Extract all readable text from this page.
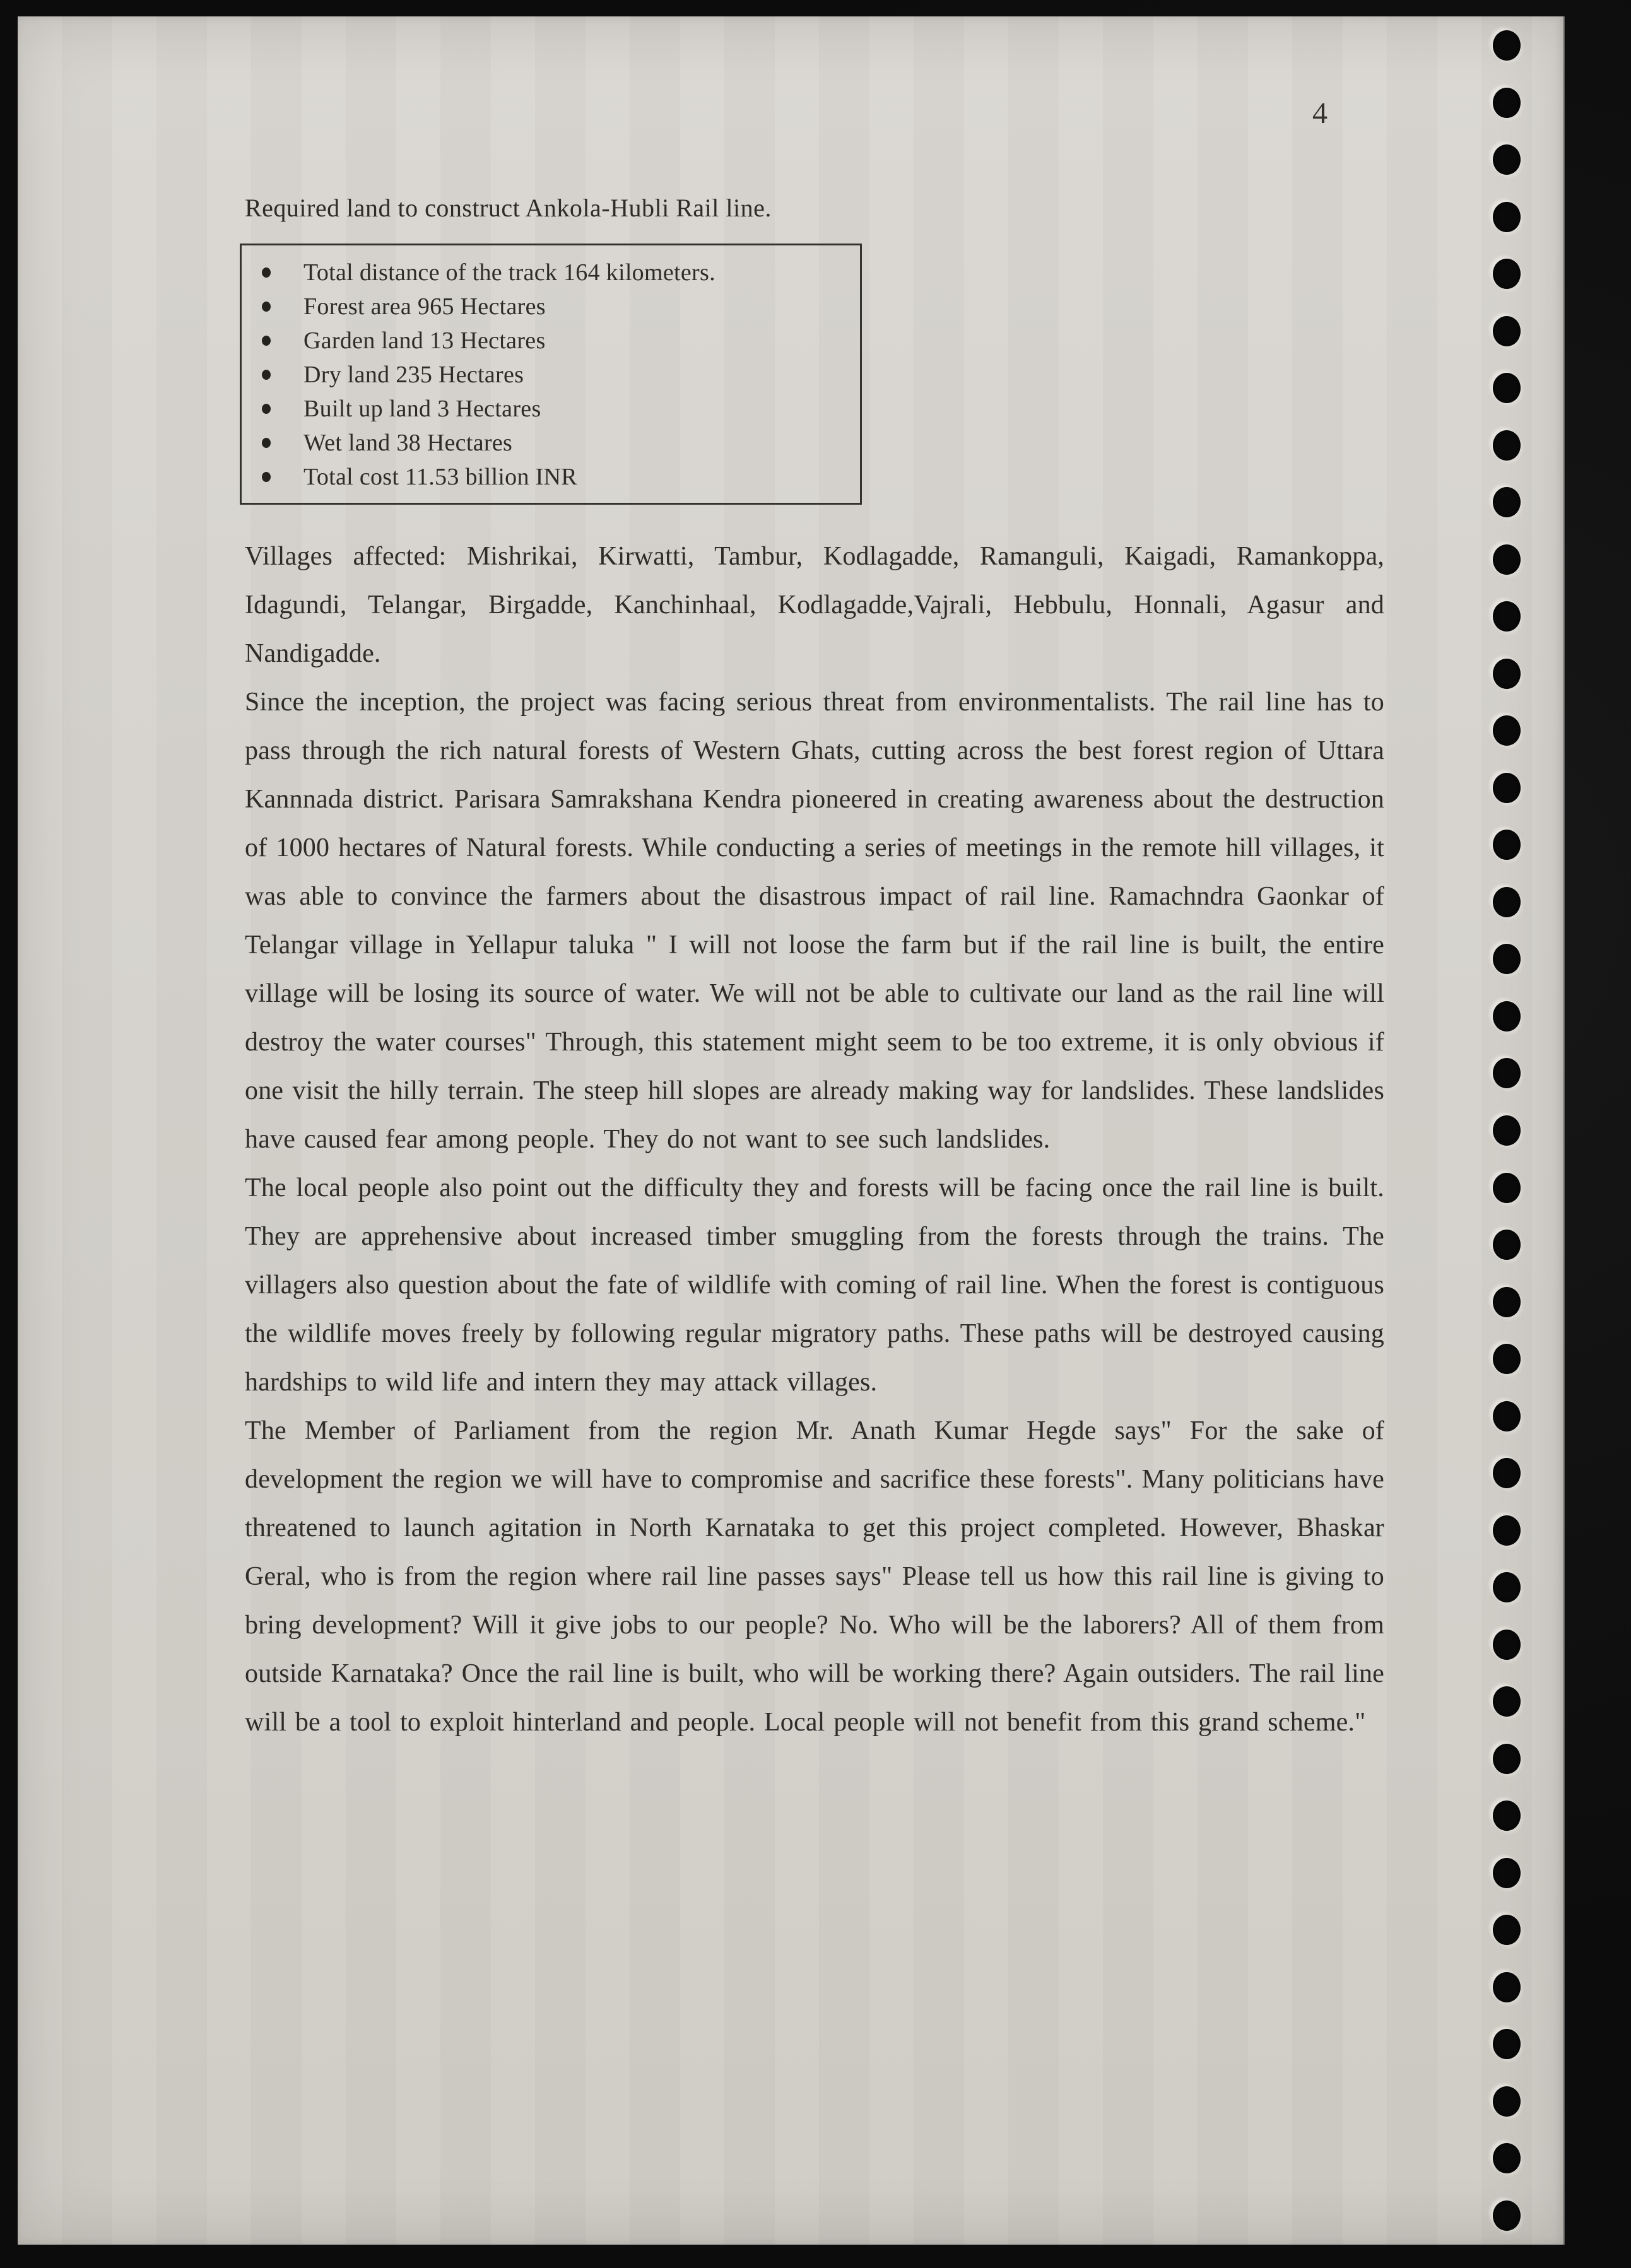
4
Required land to construct Ankola-Hubli Rail line.
Total distance of the track 164 kilometers.
Forest area 965 Hectares
Garden land 13 Hectares
Dry land 235 Hectares
Built up land 3 Hectares
Wet land 38 Hectares
Total cost 11.53 billion INR

Villages affected: Mishrikai, Kirwatti, Tambur, Kodlagadde, Ramanguli, Kaigadi, Ramankoppa, Idagundi, Telangar, Birgadde, Kanchinhaal, Kodlagadde,Vajrali, Hebbulu, Honnali, Agasur and Nandigadde.

Since the inception, the project was facing serious threat from environmentalists. The rail line has to pass through the rich natural forests of Western Ghats, cutting across the best forest region of Uttara Kannnada district. Parisara Samrakshana Kendra pioneered in creating awareness about the destruction of 1000 hectares of Natural forests. While conducting a series of meetings in the remote hill villages, it was able to convince the farmers about the disastrous impact of rail line. Ramachndra Gaonkar of Telangar village in Yellapur taluka " I will not loose the farm but if the rail line is built, the entire village will be losing its source of water. We will not be able to cultivate our land as the rail line will destroy the water courses" Through, this statement might seem to be too extreme, it is only obvious if one visit the hilly terrain. The steep hill slopes are already making way for landslides. These landslides have caused fear among people. They do not want to see such landslides.

The local people also point out the difficulty they and forests will be facing once the rail line is built. They are apprehensive about increased timber smuggling from the forests through the trains. The villagers also question about the fate of wildlife with coming of rail line. When the forest is contiguous the wildlife moves freely by following regular migratory paths. These paths will be destroyed causing hardships to wild life and intern they may attack villages.

The Member of Parliament from the region Mr. Anath Kumar Hegde says" For the sake of development the region we will have to compromise and sacrifice these forests". Many politicians have threatened to launch agitation in North Karnataka to get this project completed. However, Bhaskar Geral, who is from the region where rail line passes says" Please tell us how this rail line is giving to bring development? Will it give jobs to our people? No. Who will be the laborers? All of them from outside Karnataka? Once the rail line is built, who will be working there? Again outsiders. The rail line will be a tool to exploit hinterland and people. Local people will not benefit from this grand scheme."
